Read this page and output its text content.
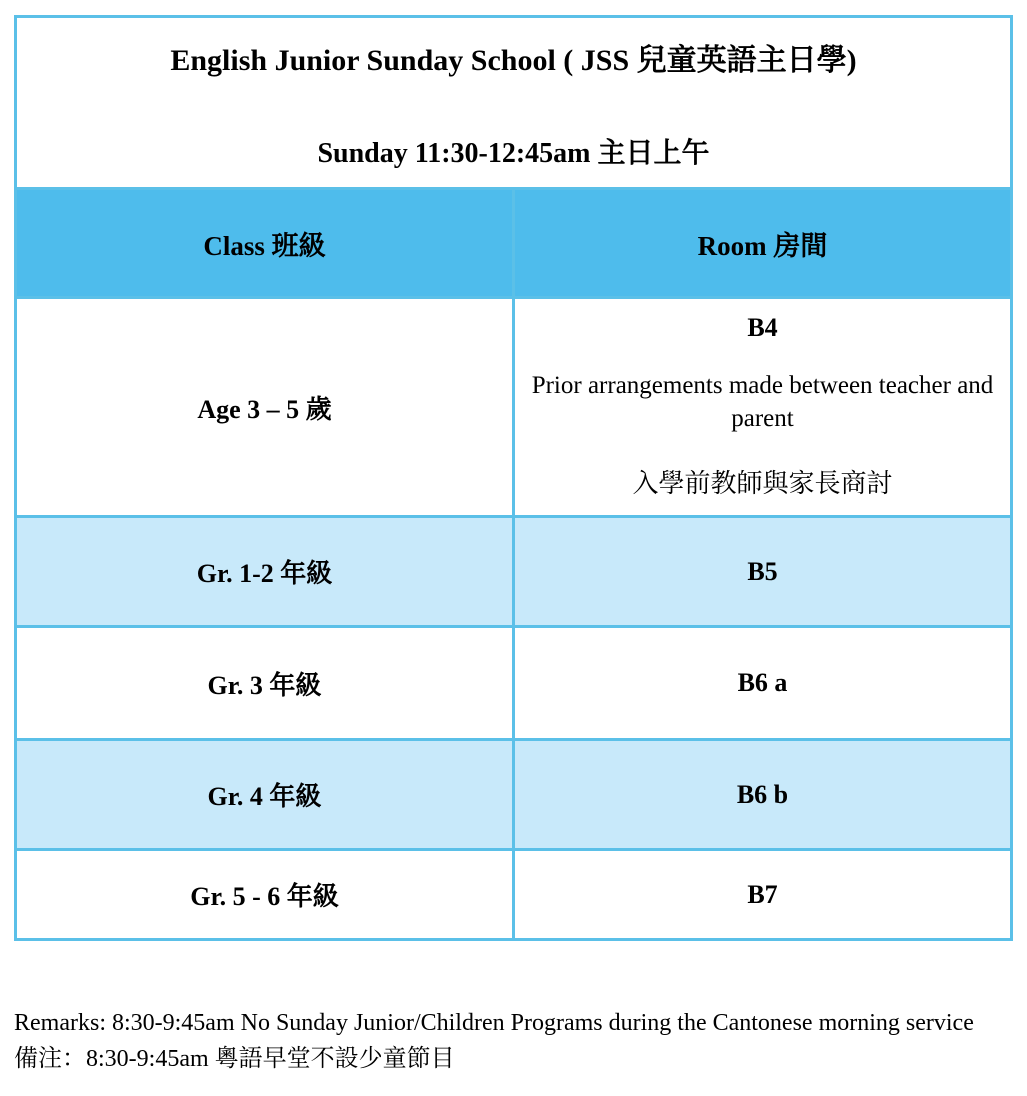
English Junior Sunday School ( JSS 兒童英語主日學)

Sunday 11:30-12:45am 主日上午	

Class 班級	Room 房間
Age 3 – 5 歲	B4
Prior arrangements made between teacher and parent
入學前教師與家長商討

Gr. 1-2 年級	B5

Gr. 3 年級	B6 a

Gr. 4 年級	B6 b

Gr. 5 - 6 年級	B7

Remarks: 8:30-9:45am No Sunday Junior/Children Programs during the Cantonese morning service

備注：8:30-9:45am 粵語早堂不設少童節目
